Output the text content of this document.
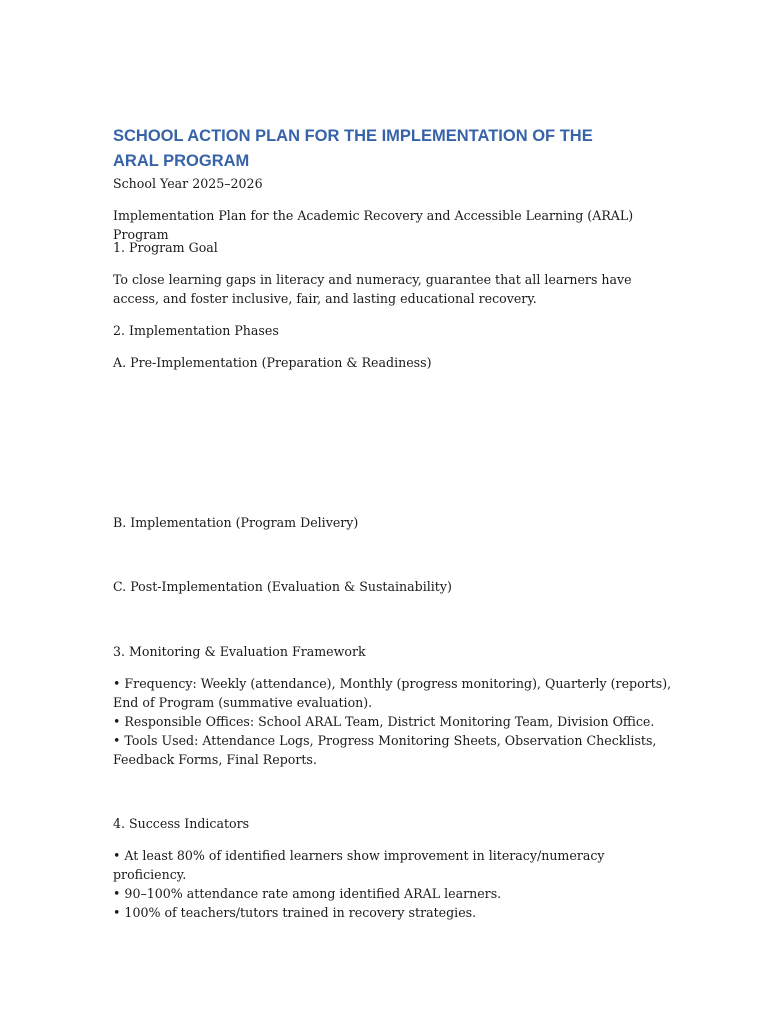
SCHOOL ACTION PLAN FOR THE IMPLEMENTATION OF THE ARAL PROGRAM

School Year 2025–2026

Implementation Plan for the Academic Recovery and Accessible Learning (ARAL) Program

1. Program Goal

To close learning gaps in literacy and numeracy, guarantee that all learners have access, and foster inclusive, fair, and lasting educational recovery.

2. Implementation Phases

A. Pre-Implementation (Preparation & Readiness)

B. Implementation (Program Delivery)

C. Post-Implementation (Evaluation & Sustainability)

3. Monitoring & Evaluation Framework

• Frequency: Weekly (attendance), Monthly (progress monitoring), Quarterly (reports), End of Program (summative evaluation).
• Responsible Offices: School ARAL Team, District Monitoring Team, Division Office.
• Tools Used: Attendance Logs, Progress Monitoring Sheets, Observation Checklists, Feedback Forms, Final Reports.

4. Success Indicators

• At least 80% of identified learners show improvement in literacy/numeracy proficiency.
• 90–100% attendance rate among identified ARAL learners.
• 100% of teachers/tutors trained in recovery strategies.
